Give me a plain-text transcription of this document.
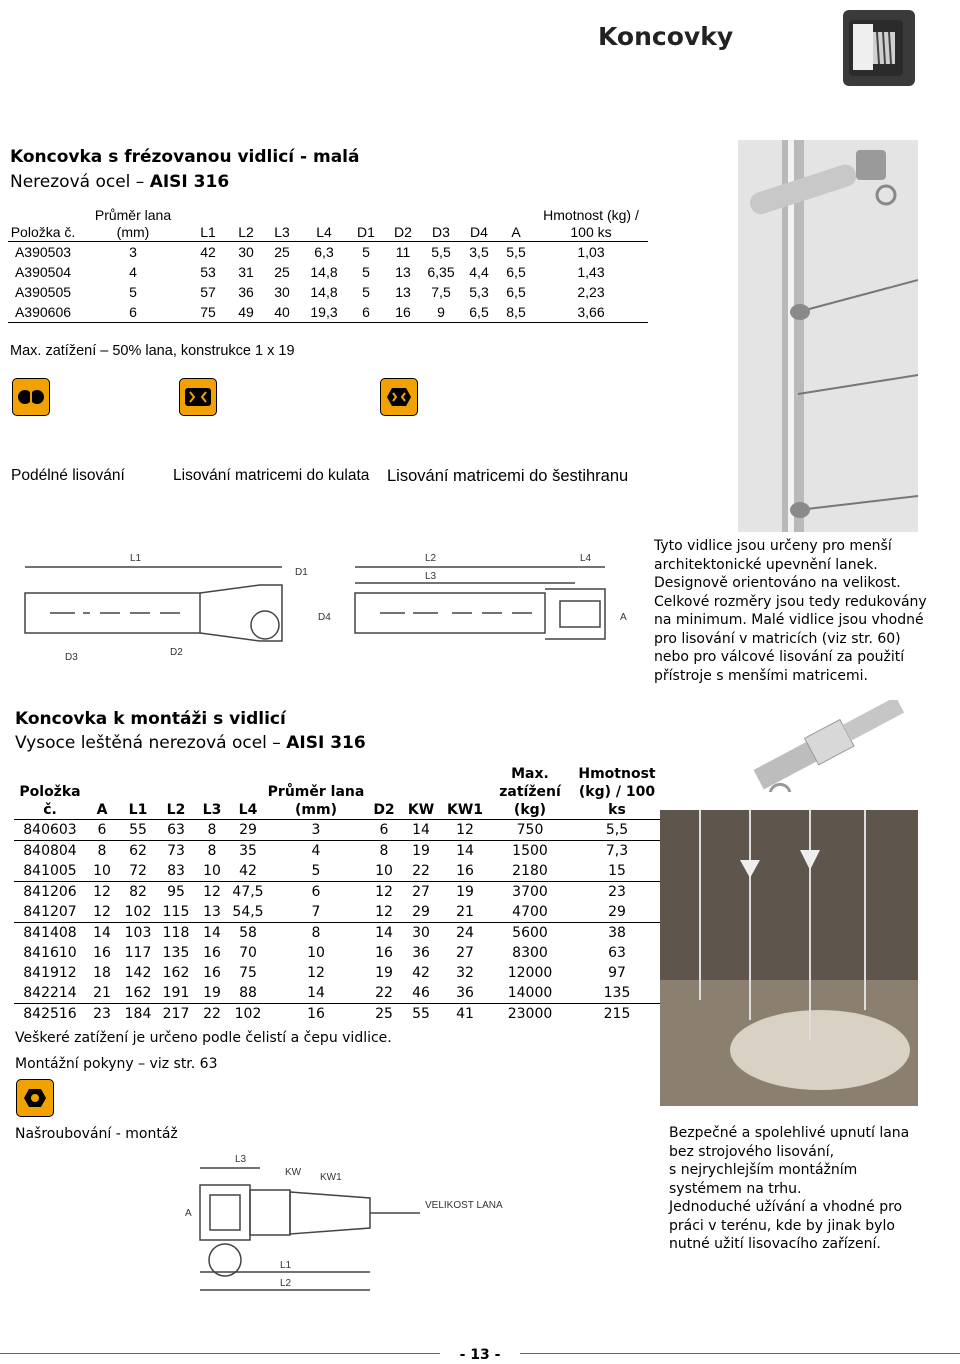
Koncovky
Koncovka s frézovanou vidlicí - malá
Nerezová ocel – AISI 316
Položka č.	Průměr lana (mm)	L1	L2	L3	L4	D1	D2	D3	D4	A	Hmotnost (kg) / 100 ks
A390503	3	42	30	25	6,3	5	11	5,5	3,5	5,5	1,03
A390504	4	53	31	25	14,8	5	13	6,35	4,4	6,5	1,43
A390505	5	57	36	30	14,8	5	13	7,5	5,3	6,5	2,23
A390606	6	75	49	40	19,3	6	16	9	6,5	8,5	3,66
Max. zatížení – 50% lana, konstrukce 1 x 19
Podélné lisování	Lisování matricemi do kulata Lisování matricemi do šestihranu
L1
D1
D2
D3
L2
L3
L4
D4	A
Tyto vidlice jsou určeny pro menší
architektonické upevnění lanek.
Designově orientováno na velikost.
Celkové rozměry jsou tedy redukovány
na minimum. Malé vidlice jsou vhodné
pro lisování v matricích (viz str. 60)
nebo pro válcové lisování za použití
přístroje s menšími matricemi.
Koncovka k montáži s vidlicí
Vysoce leštěná nerezová ocel – AISI 316
Položka č.	A	L1	L2	L3	L4	Průměr lana (mm)	D2	KW	KW1	Max. zatížení (kg)	Hmotnost (kg) / 100 ks
840603	6	55	63	8	29	3	6	14	12	750	5,5
840804	8	62	73	8	35	4	8	19	14	1500	7,3
841005	10	72	83	10	42	5	10	22	16	2180	15
841206	12	82	95	12	47,5	6	12	27	19	3700	23
841207	12	102	115	13	54,5	7	12	29	21	4700	29
841408	14	103	118	14	58	8	14	30	24	5600	38
841610	16	117	135	16	70	10	16	36	27	8300	63
841912	18	142	162	16	75	12	19	42	32	12000	97
842214	21	162	191	19	88	14	22	46	36	14000	135
842516	23	184	217	22	102	16	25	55	41	23000	215
Veškeré zatížení je určeno podle čelistí a čepu vidlice.
Montážní pokyny – viz str. 63
Našroubování - montáž
L3
KW KW1
VELIKOST LANA
L1
L2
A
Bezpečné a spolehlivé upnutí lana
bez strojového lisování,
s nejrychlejším montážním
systémem na trhu.
Jednoduché užívání a vhodné pro
práci v terénu, kde by jinak bylo
nutné užití lisovacího zařízení.
- 13 -
